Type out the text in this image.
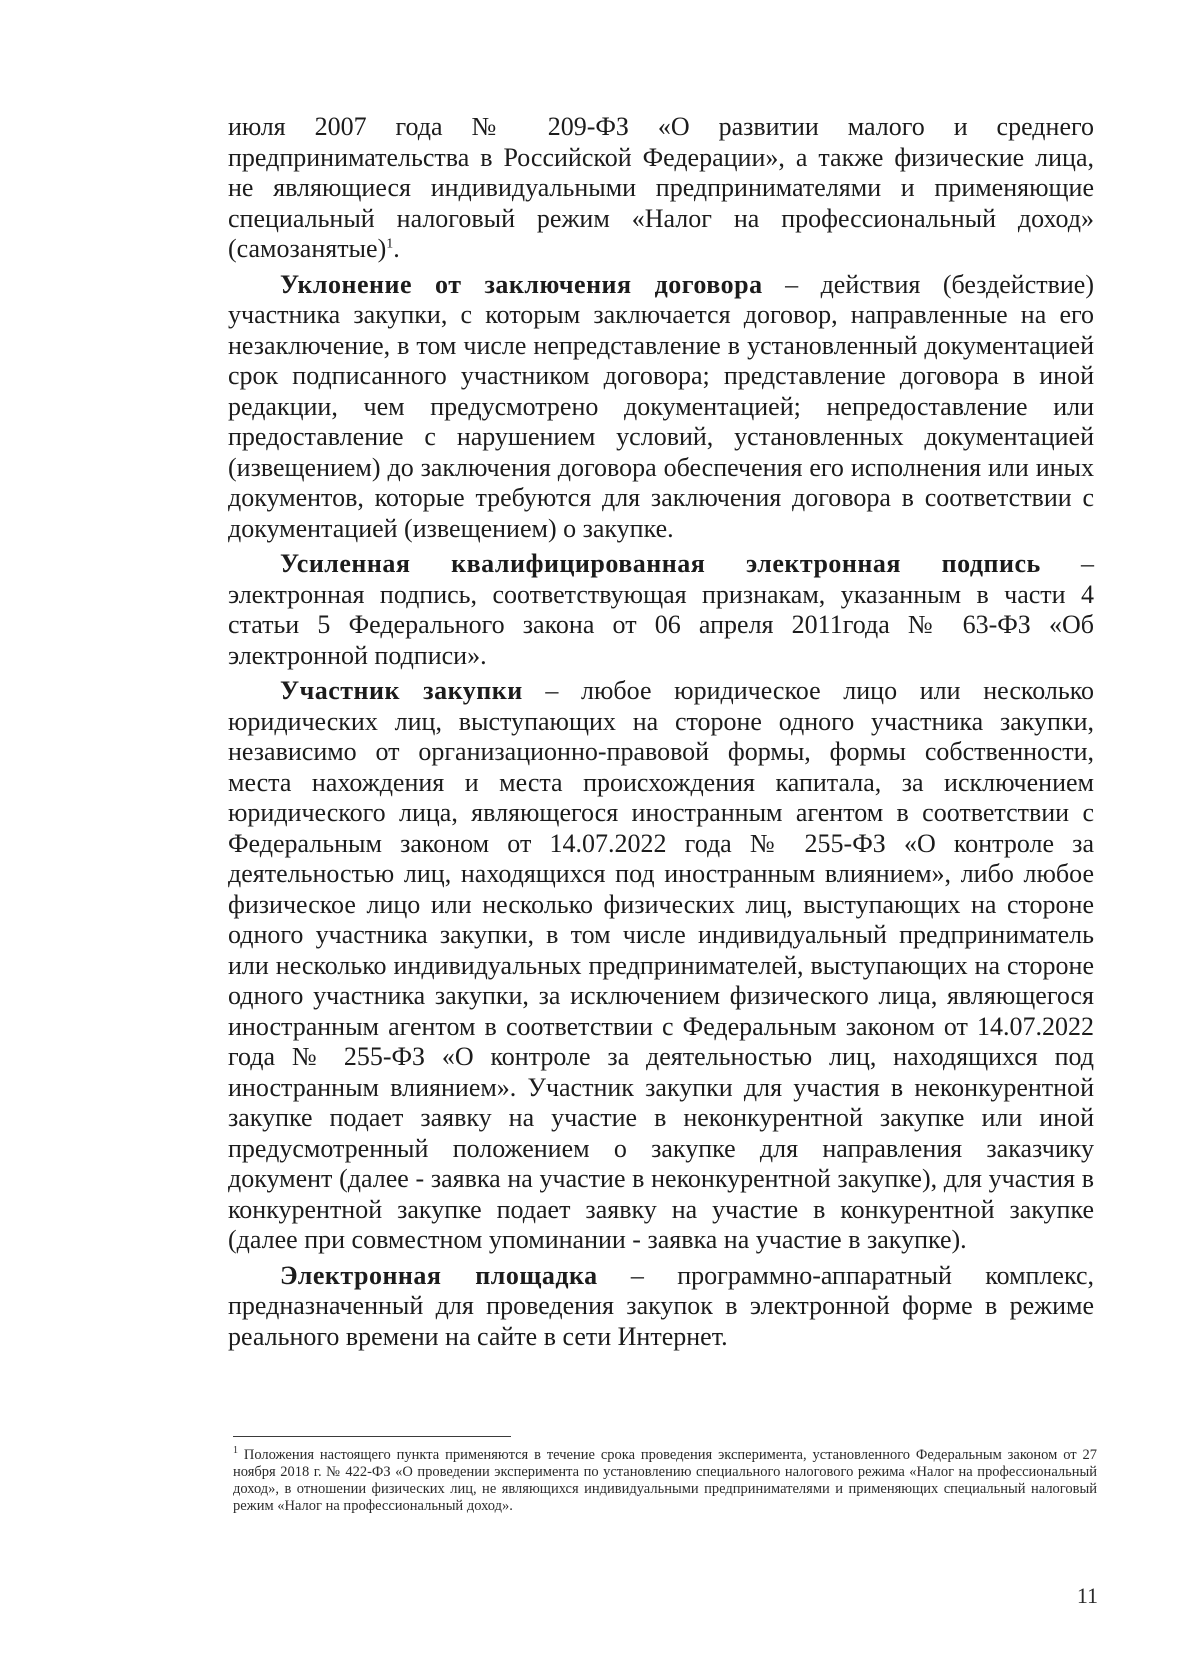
июля 2007 года № 209-ФЗ «О развитии малого и среднего предпринимательства в Российской Федерации», а также физические лица, не являющиеся индивидуальными предпринимателями и применяющие специальный налоговый режим «Налог на профессиональный доход» (самозанятые)$^1$.

Уклонение от заключения договора – действия (бездействие) участника закупки, с которым заключается договор, направленные на его незаключение, в том числе непредставление в установленный документацией срок подписанного участником договора; представление договора в иной редакции, чем предусмотрено документацией; непредоставление или предоставление с нарушением условий, установленных документацией (извещением) до заключения договора обеспечения его исполнения или иных документов, которые требуются для заключения договора в соответствии с документацией (извещением) о закупке.

Усиленная квалифицированная электронная подпись – электронная подпись, соответствующая признакам, указанным в части 4 статьи 5 Федерального закона от 06 апреля 2011года № 63-ФЗ «Об электронной подписи».

Участник закупки – любое юридическое лицо или несколько юридических лиц, выступающих на стороне одного участника закупки, независимо от организационно-правовой формы, формы собственности, места нахождения и места происхождения капитала, за исключением юридического лица, являющегося иностранным агентом в соответствии с Федеральным законом от 14.07.2022 года № 255-ФЗ «О контроле за деятельностью лиц, находящихся под иностранным влиянием», либо любое физическое лицо или несколько физических лиц, выступающих на стороне одного участника закупки, в том числе индивидуальный предприниматель или несколько индивидуальных предпринимателей, выступающих на стороне одного участника закупки, за исключением физического лица, являющегося иностранным агентом в соответствии с Федеральным законом от 14.07.2022 года № 255-ФЗ «О контроле за деятельностью лиц, находящихся под иностранным влиянием». Участник закупки для участия в неконкурентной закупке подает заявку на участие в неконкурентной закупке или иной предусмотренный положением о закупке для направления заказчику документ (далее - заявка на участие в неконкурентной закупке), для участия в конкурентной закупке подает заявку на участие в конкурентной закупке (далее при совместном упоминании - заявка на участие в закупке).

Электронная площадка – программно-аппаратный комплекс, предназначенный для проведения закупок в электронной форме в режиме реального времени на сайте в сети Интернет.

$^1$ Положения настоящего пункта применяются в течение срока проведения эксперимента, установленного Федеральным законом от 27 ноября 2018 г. № 422-ФЗ «О проведении эксперимента по установлению специального налогового режима «Налог на профессиональный доход», в отношении физических лиц, не являющихся индивидуальными предпринимателями и применяющих специальный налоговый режим «Налог на профессиональный доход».
11
